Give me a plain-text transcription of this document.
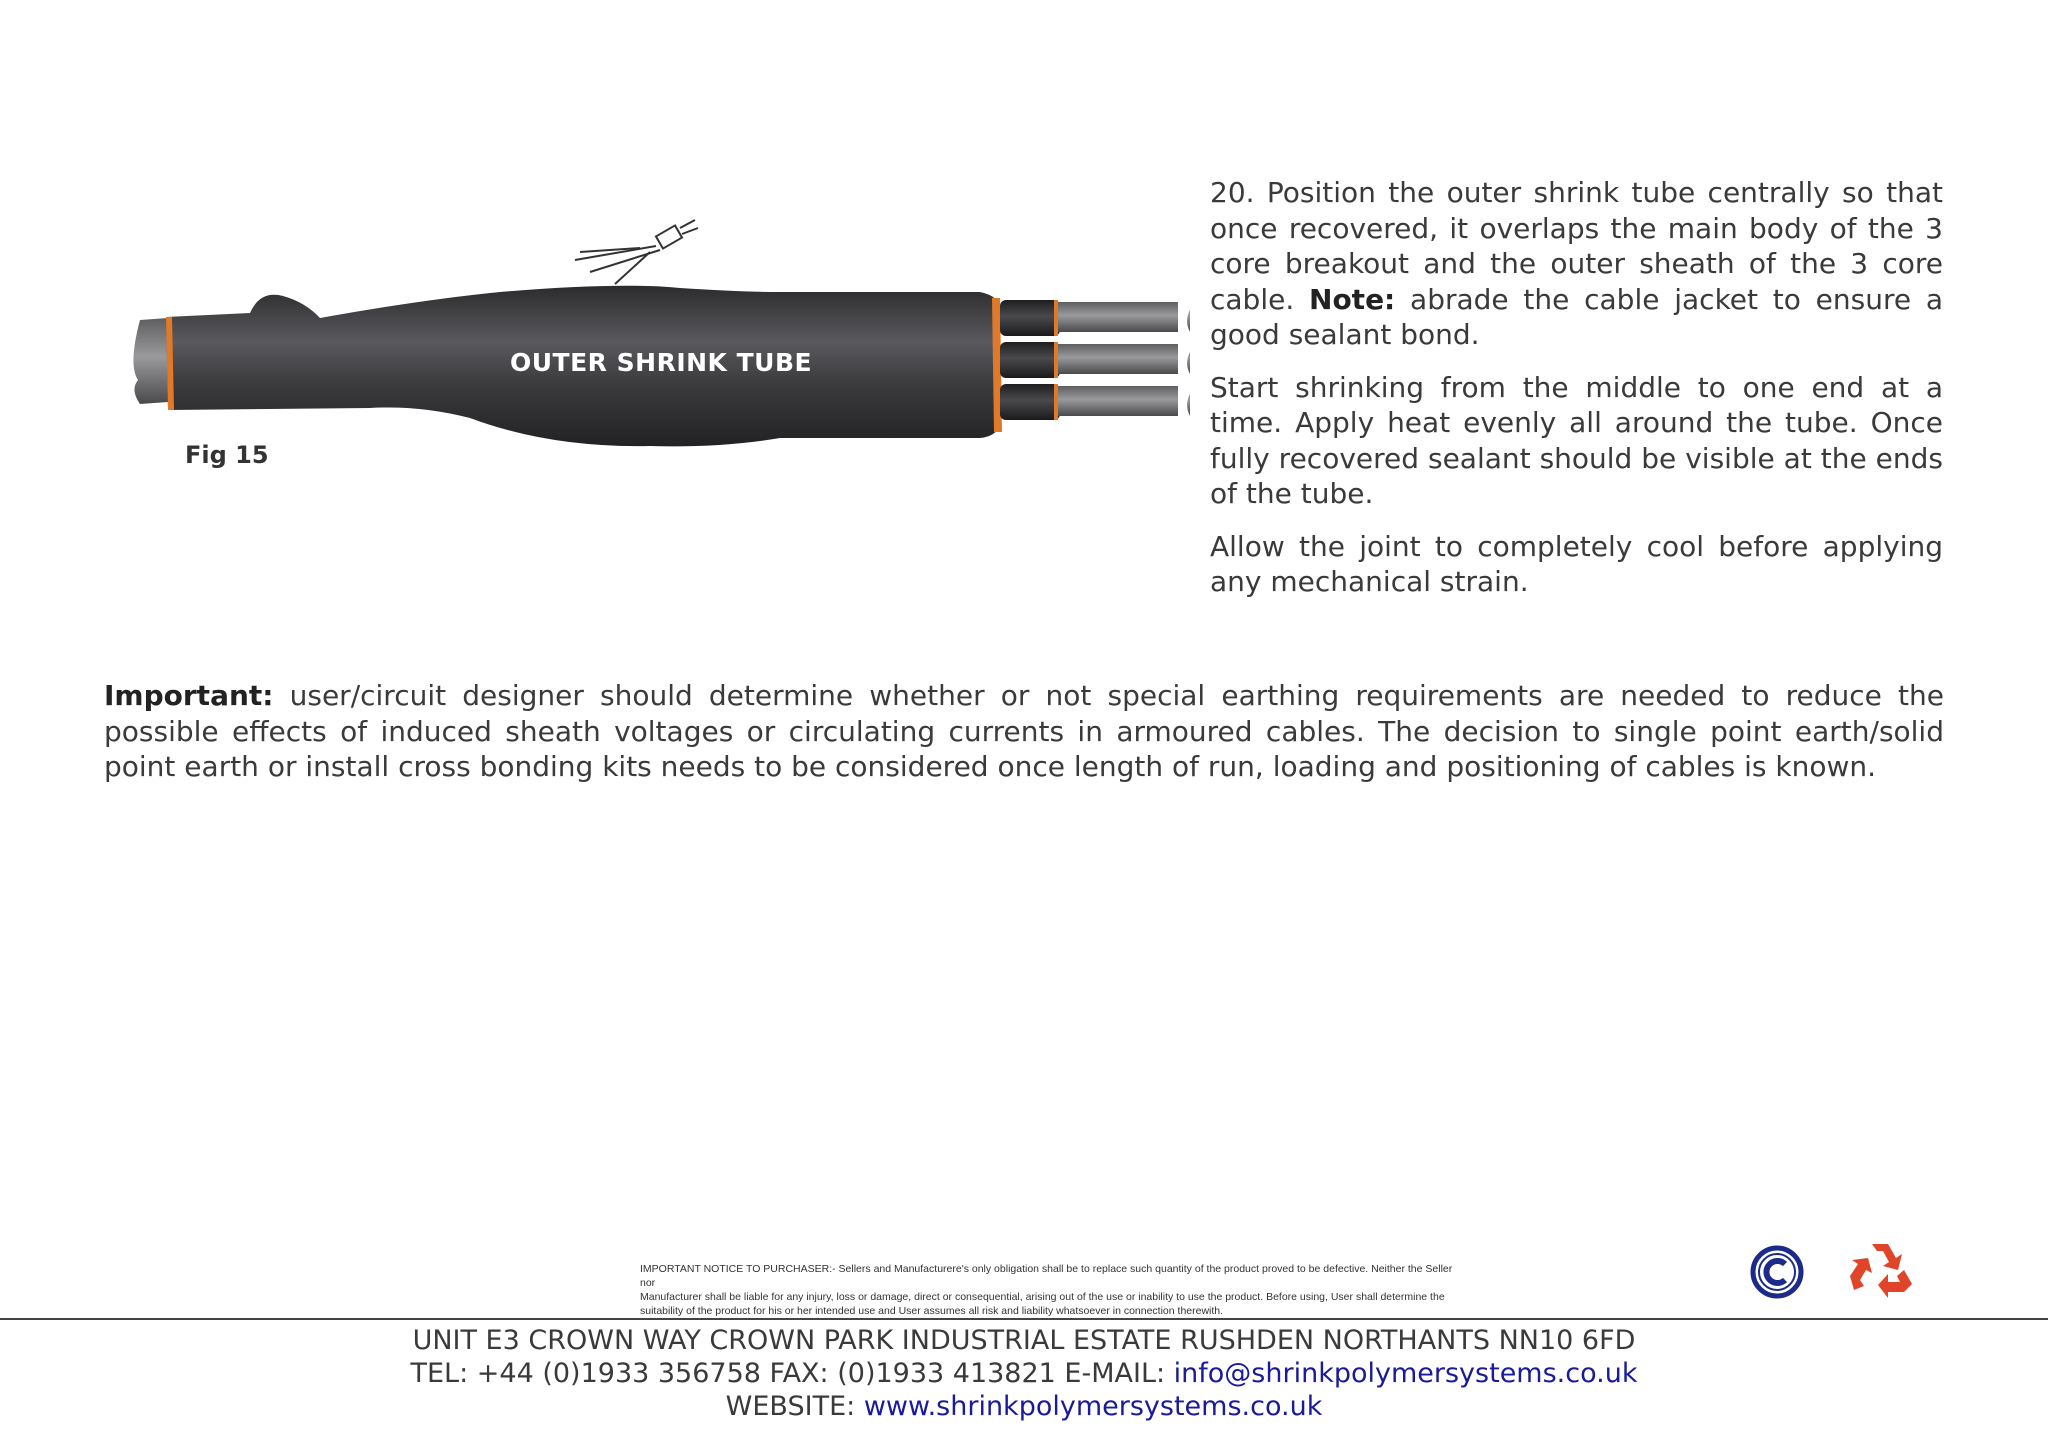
OUTER SHRINK TUBE
Fig 15

20. Position the outer shrink tube centrally so that once recovered, it overlaps the main body of the 3 core breakout and the outer sheath of the 3 core cable. Note: abrade the cable jacket to ensure a good sealant bond.

Start shrinking from the middle to one end at a time. Apply heat evenly all around the tube. Once fully recovered sealant should be visible at the ends of the tube.

Allow the joint to completely cool before applying any mechanical strain.

Important: user/circuit designer should determine whether or not special earthing requirements are needed to reduce the possible effects of induced sheath voltages or circulating currents in armoured cables. The decision to single point earth/solid point earth or install cross bonding kits needs to be considered once length of run, loading and positioning of cables is known.
IMPORTANT NOTICE TO PURCHASER:- Sellers and Manufacturere's only obligation shall be to replace such quantity of the product proved to be defective. Neither the Seller nor
Manufacturer shall be liable for any injury, loss or damage, direct or consequential, arising out of the use or inability to use the product. Before using, User shall determine the
suitability of the product for his or her intended use and User assumes all risk and liability whatsoever in connection therewith.
UNIT E3 CROWN WAY CROWN PARK INDUSTRIAL ESTATE RUSHDEN NORTHANTS NN10 6FD
TEL: +44 (0)1933 356758 FAX: (0)1933 413821 E-MAIL: info@shrinkpolymersystems.co.uk
WEBSITE: www.shrinkpolymersystems.co.uk
